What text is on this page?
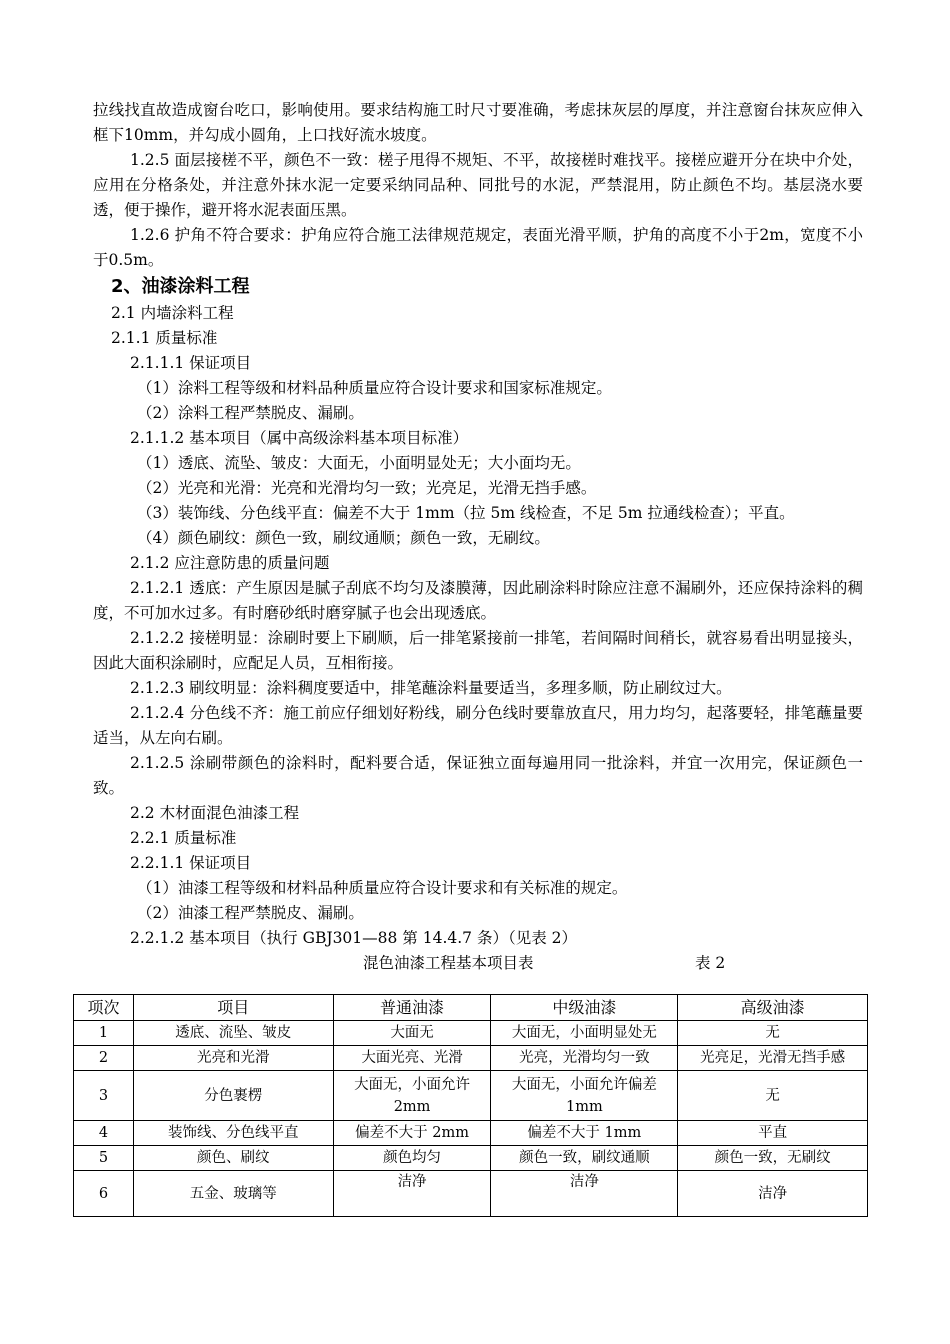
拉线找直故造成窗台吃口，影响使用。要求结构施工时尺寸要准确，考虑抹灰层的厚度，并注意窗台抹灰应伸入框下10mm，并勾成小圆角，上口找好流水坡度。

1.2.5 面层接槎不平，颜色不一致：槎子甩得不规矩、不平，故接槎时难找平。接槎应避开分在块中介处，应用在分格条处，并注意外抹水泥一定要采纳同品种、同批号的水泥，严禁混用，防止颜色不均。基层浇水要透，便于操作，避开将水泥表面压黑。

1.2.6 护角不符合要求：护角应符合施工法律规范规定，表面光滑平顺，护角的高度不小于2m，宽度不小于0.5m。

2、油漆涂料工程

2.1 内墙涂料工程

2.1.1 质量标准

2.1.1.1 保证项目

（1）涂料工程等级和材料品种质量应符合设计要求和国家标准规定。

（2）涂料工程严禁脱皮、漏刷。

2.1.1.2 基本项目（属中高级涂料基本项目标准）

（1）透底、流坠、皱皮：大面无，小面明显处无；大小面均无。

（2）光亮和光滑：光亮和光滑均匀一致；光亮足，光滑无挡手感。

（3）装饰线、分色线平直：偏差不大于 1mm（拉 5m 线检查，不足 5m 拉通线检查）；平直。

（4）颜色刷纹：颜色一致，刷纹通顺；颜色一致，无刷纹。

2.1.2 应注意防患的质量问题

2.1.2.1 透底：产生原因是腻子刮底不均匀及漆膜薄，因此刷涂料时除应注意不漏刷外，还应保持涂料的稠度，不可加水过多。有时磨砂纸时磨穿腻子也会出现透底。

2.1.2.2 接槎明显：涂刷时要上下刷顺，后一排笔紧接前一排笔，若间隔时间稍长，就容易看出明显接头，因此大面积涂刷时，应配足人员，互相衔接。

2.1.2.3 刷纹明显：涂料稠度要适中，排笔蘸涂料量要适当，多理多顺，防止刷纹过大。

2.1.2.4 分色线不齐：施工前应仔细划好粉线，刷分色线时要靠放直尺，用力均匀，起落要轻，排笔蘸量要适当，从左向右刷。

2.1.2.5 涂刷带颜色的涂料时，配料要合适，保证独立面每遍用同一批涂料，并宜一次用完，保证颜色一致。

2.2 木材面混色油漆工程

2.2.1 质量标准

2.2.1.1 保证项目

（1）油漆工程等级和材料品种质量应符合设计要求和有关标准的规定。

（2）油漆工程严禁脱皮、漏刷。

2.2.1.2 基本项目（执行 GBJ301—88 第 14.4.7 条）（见表 2）

混色油漆工程基本项目表	表 2
项次	项目	普通油漆	中级油漆	高级油漆
1	透底、流坠、皱皮	大面无	大面无，小面明显处无	无
2	光亮和光滑	大面光亮、光滑	光亮，光滑均匀一致	光亮足，光滑无挡手感
3	分色裹楞	大面无，小面允许 2mm	大面无，小面允许偏差 1mm	无
4	装饰线、分色线平直	偏差不大于 2mm	偏差不大于 1mm	平直
5	颜色、刷纹	颜色均匀	颜色一致，刷纹通顺	颜色一致，无刷纹
6	五金、玻璃等	洁净	洁净	洁净
